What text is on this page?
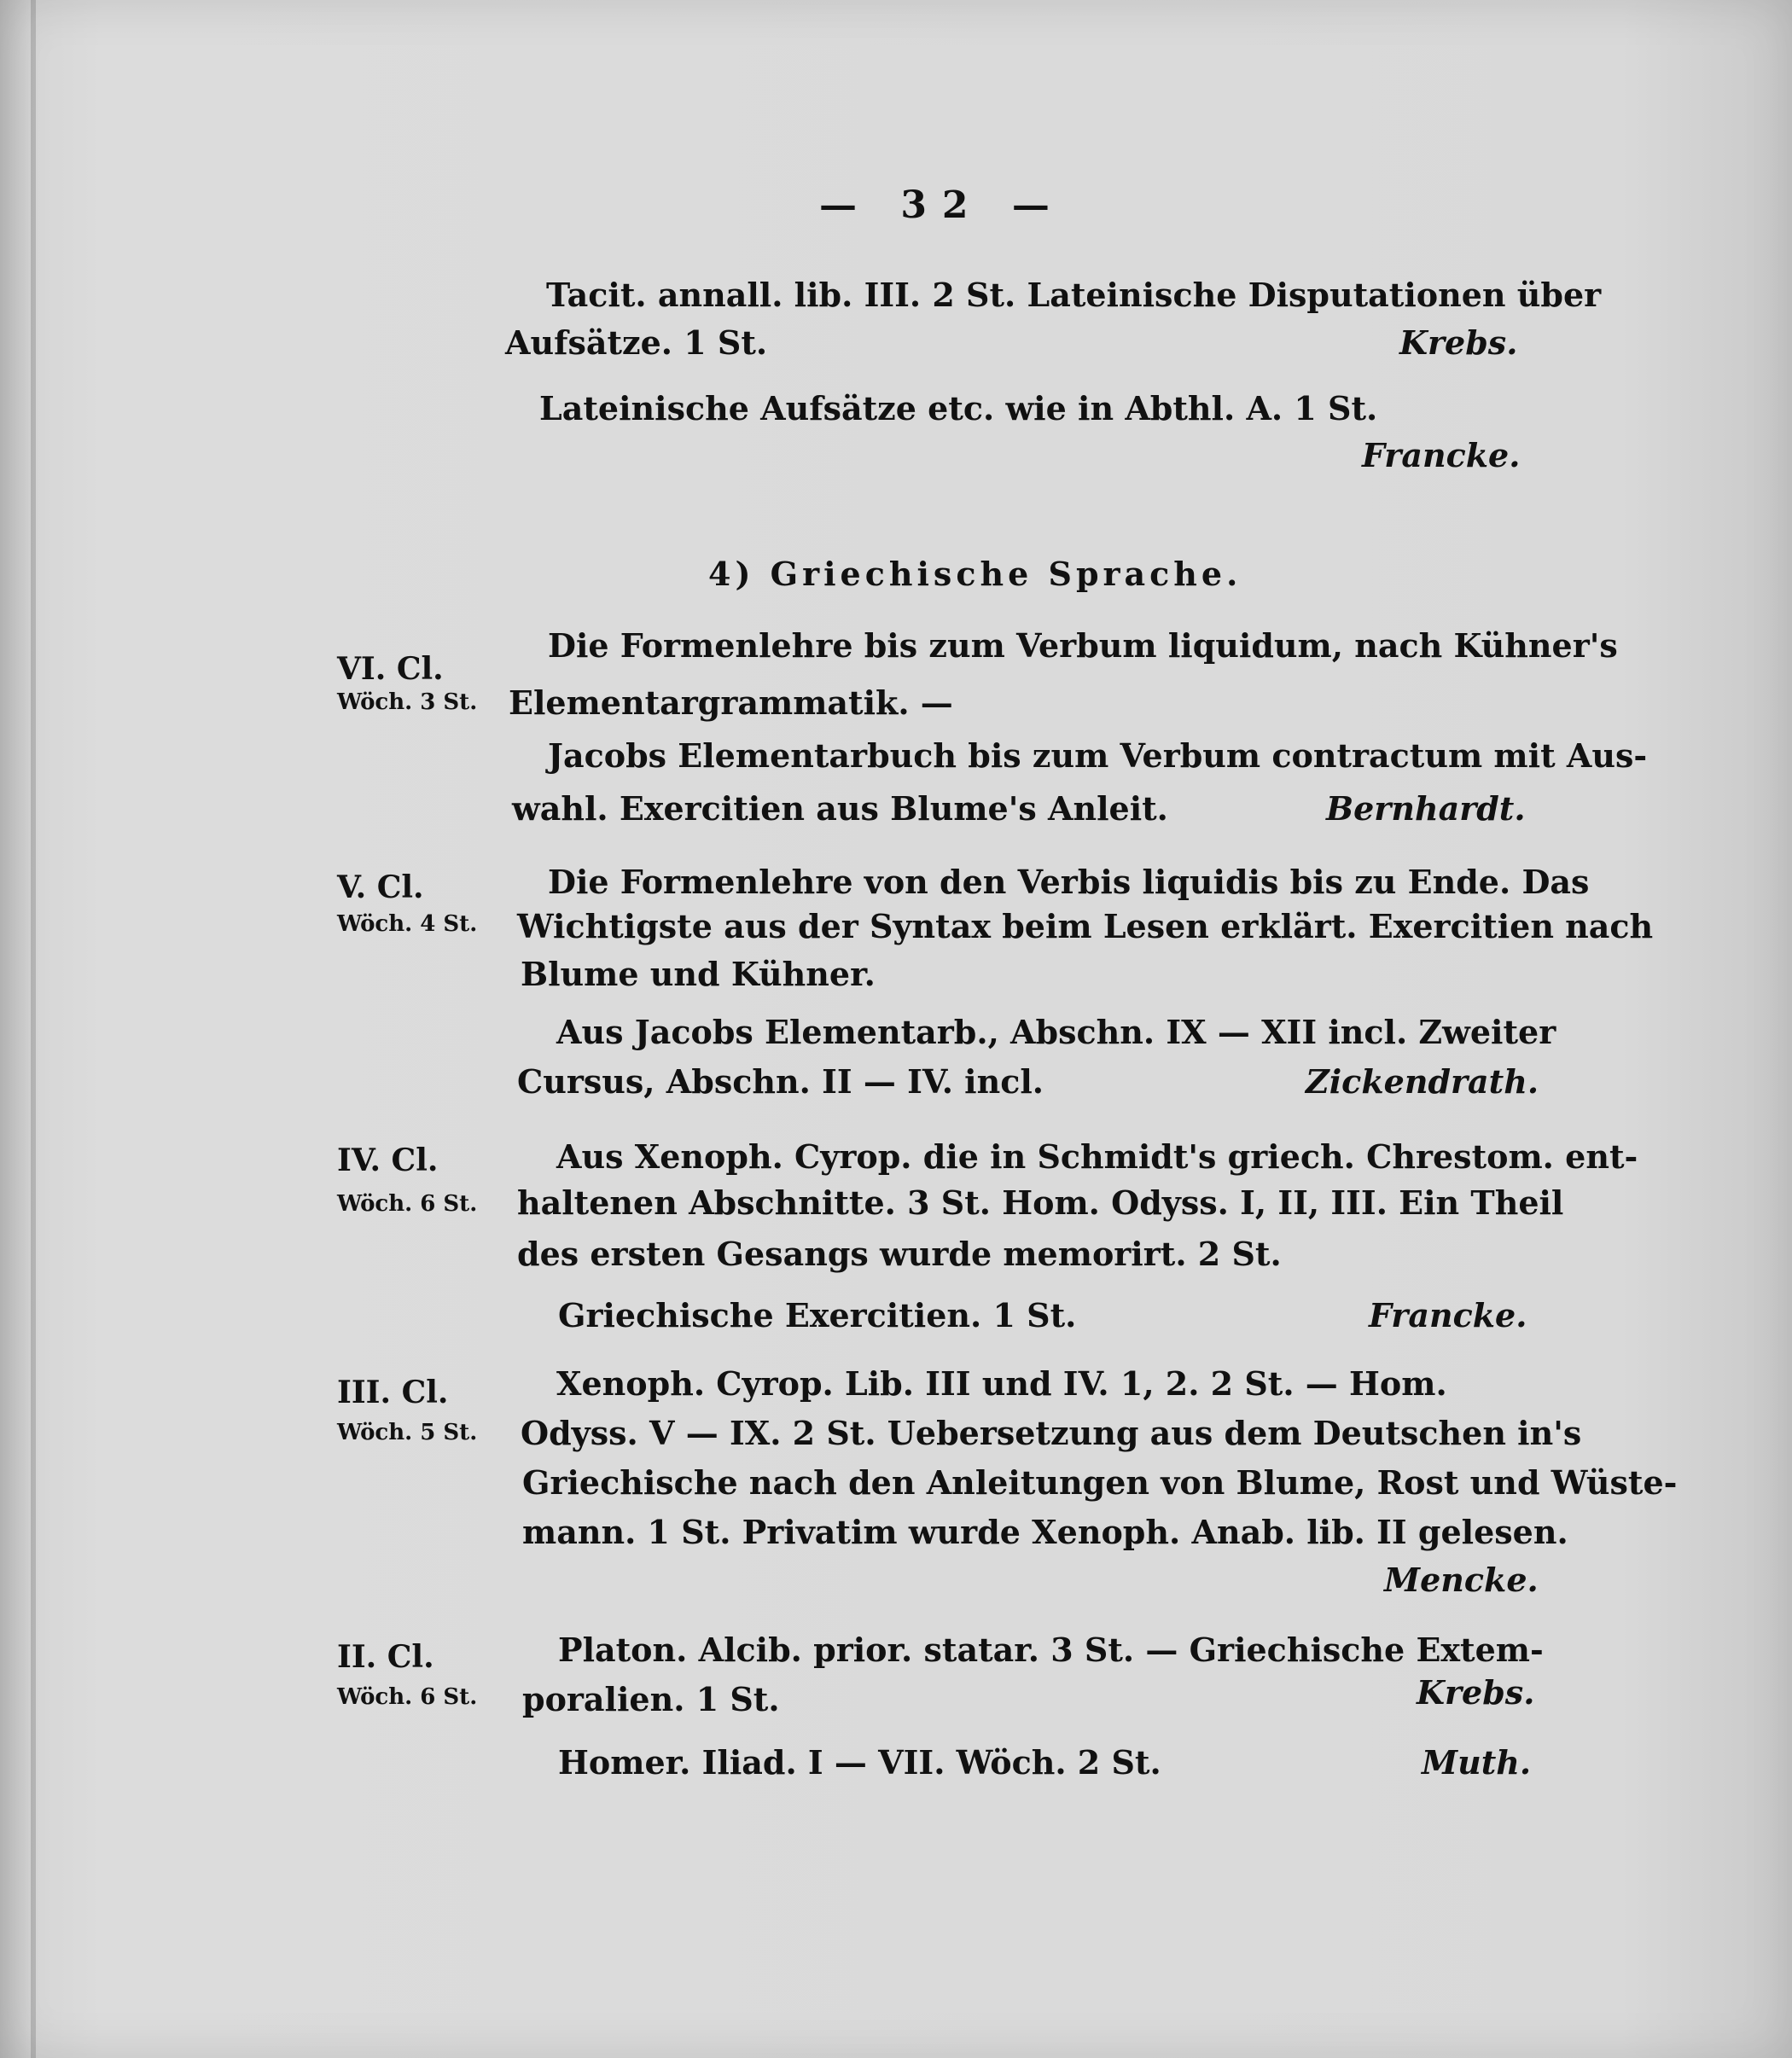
— 32 —
Tacit. annall. lib. III. 2 St. Lateinische Disputationen über
Aufsätze. 1 St.	Krebs.
Lateinische Aufsätze etc. wie in Abthl. A. 1 St.
Francke.
4) Griechische Sprache.
VI. Cl.
Wöch. 3 St.
Die Formenlehre bis zum Verbum liquidum, nach Kühner's
Elementargrammatik. —
Jacobs Elementarbuch bis zum Verbum contractum mit Aus-
wahl. Exercitien aus Blume's Anleit.	Bernhardt.
V. Cl.
Wöch. 4 St.
Die Formenlehre von den Verbis liquidis bis zu Ende. Das
Wichtigste aus der Syntax beim Lesen erklärt. Exercitien nach
Blume und Kühner.
Aus Jacobs Elementarb., Abschn. IX — XII incl. Zweiter
Cursus, Abschn. II — IV. incl.	Zickendrath.
IV. Cl.
Wöch. 6 St.
Aus Xenoph. Cyrop. die in Schmidt's griech. Chrestom. ent-
haltenen Abschnitte. 3 St. Hom. Odyss. I, II, III. Ein Theil
des ersten Gesangs wurde memorirt. 2 St.
Griechische Exercitien. 1 St.	Francke.
III. Cl.
Wöch. 5 St.
Xenoph. Cyrop. Lib. III und IV. 1, 2. 2 St. — Hom.
Odyss. V — IX. 2 St. Uebersetzung aus dem Deutschen in's
Griechische nach den Anleitungen von Blume, Rost und Wüste-
mann. 1 St. Privatim wurde Xenoph. Anab. lib. II gelesen.
Mencke.
II. Cl.
Wöch. 6 St.
Platon. Alcib. prior. statar. 3 St. — Griechische Extem-
Krebs.
poralien. 1 St.
Homer. Iliad. I — VII. Wöch. 2 St.	Muth.
